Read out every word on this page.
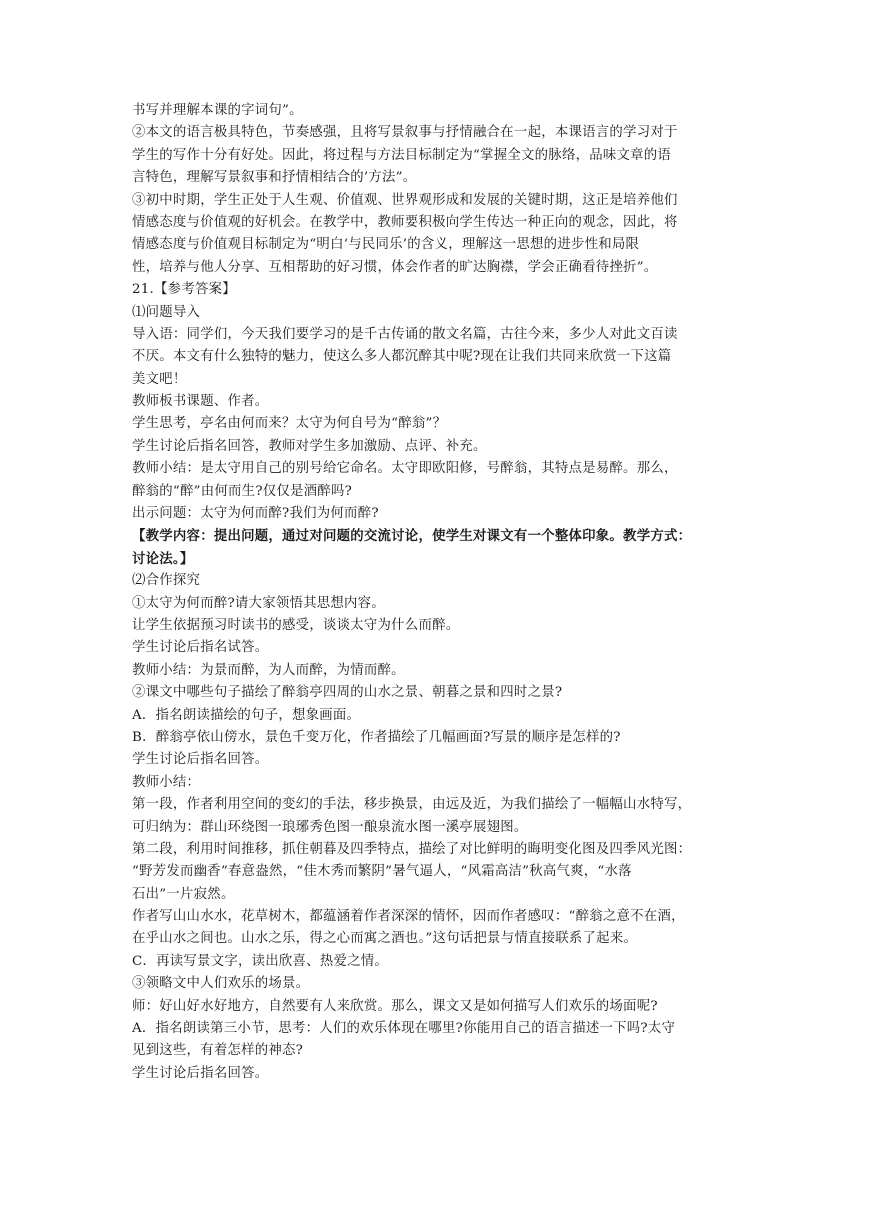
书写并理解本课的字词句”。
②本文的语言极具特色，节奏感强，且将写景叙事与抒情融合在一起，本课语言的学习对于
学生的写作十分有好处。因此，将过程与方法目标制定为“掌握全文的脉络，品味文章的语
言特色，理解写景叙事和抒情相结合的’方法”。
③初中时期，学生正处于人生观、价值观、世界观形成和发展的关键时期，这正是培养他们
情感态度与价值观的好机会。在教学中，教师要积极向学生传达一种正向的观念，因此，将
情感态度与价值观目标制定为“明白‘与民同乐’的含义，理解这一思想的进步性和局限
性，培养与他人分享、互相帮助的好习惯，体会作者的旷达胸襟，学会正确看待挫折”。
21.【参考答案】
⑴问题导入
导入语：同学们，今天我们要学习的是千古传诵的散文名篇，古往今来，多少人对此文百读
不厌。本文有什么独特的魅力，使这么多人都沉醉其中呢?现在让我们共同来欣赏一下这篇
美文吧！
教师板书课题、作者。
学生思考，亭名由何而来？太守为何自号为“醉翁”？
学生讨论后指名回答，教师对学生多加激励、点评、补充。
教师小结：是太守用自己的别号给它命名。太守即欧阳修，号醉翁，其特点是易醉。那么，
醉翁的“醉”由何而生?仅仅是酒醉吗?
出示问题：太守为何而醉?我们为何而醉?
【教学内容：提出问题，通过对问题的交流讨论，使学生对课文有一个整体印象。教学方式：
讨论法。】
⑵合作探究
①太守为何而醉?请大家领悟其思想内容。
让学生依据预习时读书的感受，谈谈太守为什么而醉。
学生讨论后指名试答。
教师小结：为景而醉，为人而醉，为情而醉。
②课文中哪些句子描绘了醉翁亭四周的山水之景、朝暮之景和四时之景?
A．指名朗读描绘的句子，想象画面。
B．醉翁亭依山傍水，景色千变万化，作者描绘了几幅画面?写景的顺序是怎样的?
学生讨论后指名回答。
教师小结：
第一段，作者利用空间的变幻的手法，移步换景，由远及近，为我们描绘了一幅幅山水特写，
可归纳为：群山环绕图一琅琊秀色图一酿泉流水图一溪亭展翅图。
第二段，利用时间推移，抓住朝暮及四季特点，描绘了对比鲜明的晦明变化图及四季风光图：
“野芳发而幽香”春意盎然，“佳木秀而繁阴”暑气逼人，“风霜高洁”秋高气爽，“水落
石出”一片寂然。
作者写山山水水，花草树木，都蕴涵着作者深深的情怀，因而作者感叹：“醉翁之意不在酒，
在乎山水之间也。山水之乐，得之心而寓之酒也。”这句话把景与情直接联系了起来。
C．再读写景文字，读出欣喜、热爱之情。
③领略文中人们欢乐的场景。
师：好山好水好地方，自然要有人来欣赏。那么，课文又是如何描写人们欢乐的场面呢?
A．指名朗读第三小节，思考：人们的欢乐体现在哪里?你能用自己的语言描述一下吗?太守
见到这些，有着怎样的神态?
学生讨论后指名回答。
